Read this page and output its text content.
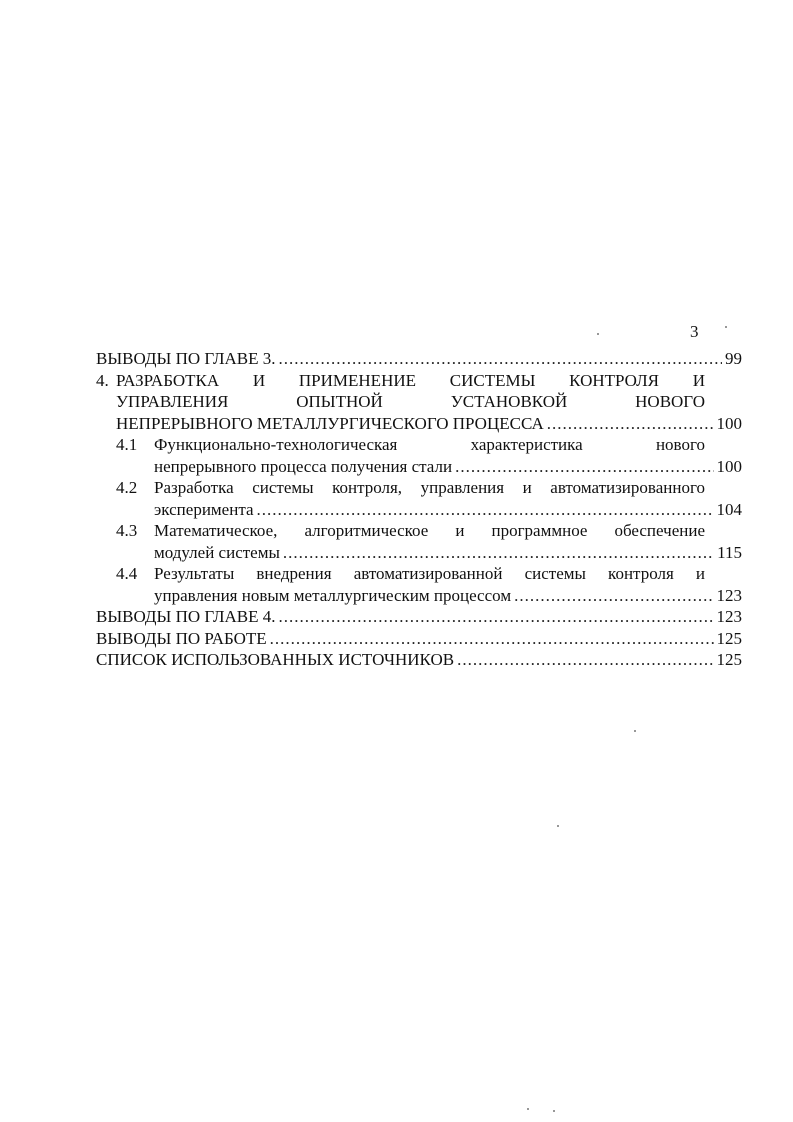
3
ВЫВОДЫ ПО ГЛАВЕ 3. .....	99
4. РАЗРАБОТКА И ПРИМЕНЕНИЕ СИСТЕМЫ КОНТРОЛЯ И
УПРАВЛЕНИЯ ОПЫТНОЙ УСТАНОВКОЙ НОВОГО
НЕПРЕРЫВНОГО МЕТАЛЛУРГИЧЕСКОГО ПРОЦЕССА .....	100
4.1 Функционально-технологическая характеристика нового
непрерывного процесса получения стали .....	100
4.2 Разработка системы контроля, управления и автоматизированного
эксперимента .....	104
4.3 Математическое, алгоритмическое и программное обеспечение
модулей системы .....	115
4.4 Результаты внедрения автоматизированной системы контроля и
управления новым металлургическим процессом .....	123
ВЫВОДЫ ПО ГЛАВЕ 4. .....	123
ВЫВОДЫ ПО РАБОТЕ .....	125
СПИСОК ИСПОЛЬЗОВАННЫХ ИСТОЧНИКОВ .....	125
